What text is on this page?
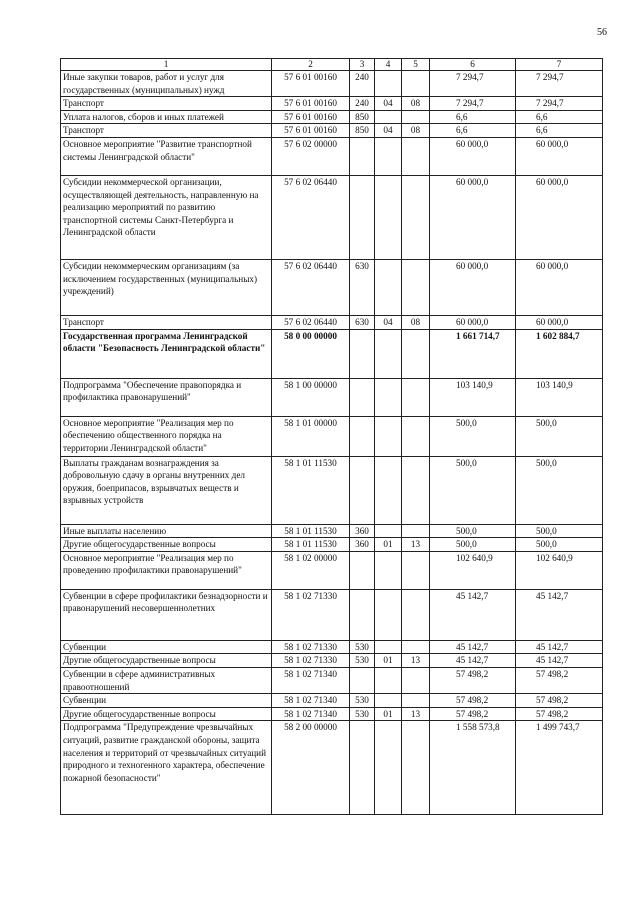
56
1	2	3	4	5	6	7
Иные закупки товаров, работ и услуг для государственных (муниципальных) нужд	57 6 01 00160	240			7 294,7	7 294,7
Транспорт	57 6 01 00160	240	04	08	7 294,7	7 294,7
Уплата налогов, сборов и иных платежей	57 6 01 00160	850			6,6	6,6
Транспорт	57 6 01 00160	850	04	08	6,6	6,6
Основное мероприятие "Развитие транспортной системы Ленинградской области"	57 6 02 00000				60 000,0	60 000,0
Субсидии некоммерческой организации, осуществляющей деятельность, направленную на реализацию мероприятий по развитию транспортной системы Санкт-Петербурга и Ленинградской области	57 6 02 06440				60 000,0	60 000,0
Субсидии некоммерческим организациям (за исключением государственных (муниципальных) учреждений)	57 6 02 06440	630			60 000,0	60 000,0
Транспорт	57 6 02 06440	630	04	08	60 000,0	60 000,0
Государственная программа Ленинградской области "Безопасность Ленинградской области"	58 0 00 00000				1 661 714,7	1 602 884,7
Подпрограмма "Обеспечение правопорядка и профилактика правонарушений"	58 1 00 00000				103 140,9	103 140,9
Основное мероприятие "Реализация мер по обеспечению общественного порядка на территории Ленинградской области"	58 1 01 00000				500,0	500,0
Выплаты гражданам вознаграждения за добровольную сдачу в органы внутренних дел оружия, боеприпасов, взрывчатых веществ и взрывных устройств	58 1 01 11530				500,0	500,0
Иные выплаты населению	58 1 01 11530	360			500,0	500,0
Другие общегосударственные вопросы	58 1 01 11530	360	01	13	500,0	500,0
Основное мероприятие "Реализация мер по проведению профилактики правонарушений"	58 1 02 00000				102 640,9	102 640,9
Субвенции в сфере профилактики безнадзорности и правонарушений несовершеннолетних	58 1 02 71330				45 142,7	45 142,7
Субвенции	58 1 02 71330	530			45 142,7	45 142,7
Другие общегосударственные вопросы	58 1 02 71330	530	01	13	45 142,7	45 142,7
Субвенции в сфере административных правоотношений	58 1 02 71340				57 498,2	57 498,2
Субвенции	58 1 02 71340	530			57 498,2	57 498,2
Другие общегосударственные вопросы	58 1 02 71340	530	01	13	57 498,2	57 498,2
Подпрограмма "Предупреждение чрезвычайных ситуаций, развитие гражданской обороны, защита населения и территорий от чрезвычайных ситуаций природного и техногенного характера, обеспечение пожарной безопасности"	58 2 00 00000				1 558 573,8	1 499 743,7
